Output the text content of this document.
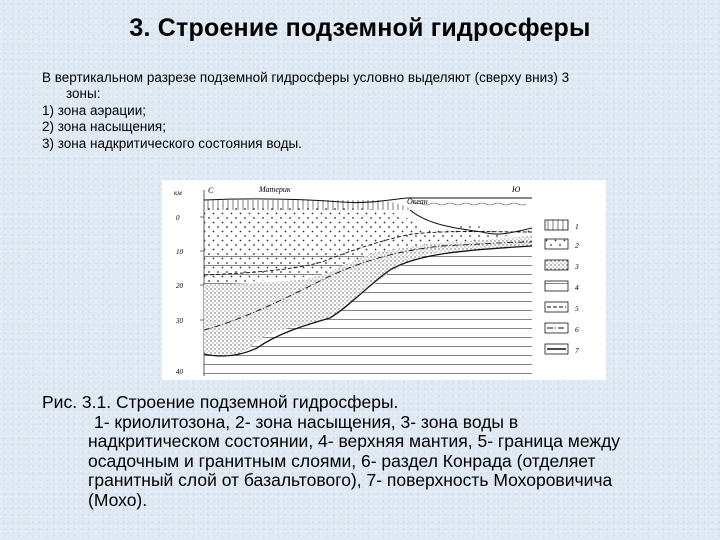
3. Строение подземной гидросферы
В вертикальном разрезе подземной гидросферы условно выделяют (сверху вниз) 3
зоны:
1) зона аэрации;
2) зона насыщения;
3) зона надкритического состояния воды.
км
0
10
20
30
40
С	Материк
Океан
Ю
1
2
3
4
5
6
7
Рис. 3.1. Строение подземной гидросферы.
1- криолитозона, 2- зона насыщения, 3- зона воды в
надкритическом состоянии, 4- верхняя мантия, 5- граница между
осадочным и гранитным слоями, 6- раздел Конрада (отделяет
гранитный слой от базальтового), 7- поверхность Мохоровичича
(Мохо).
